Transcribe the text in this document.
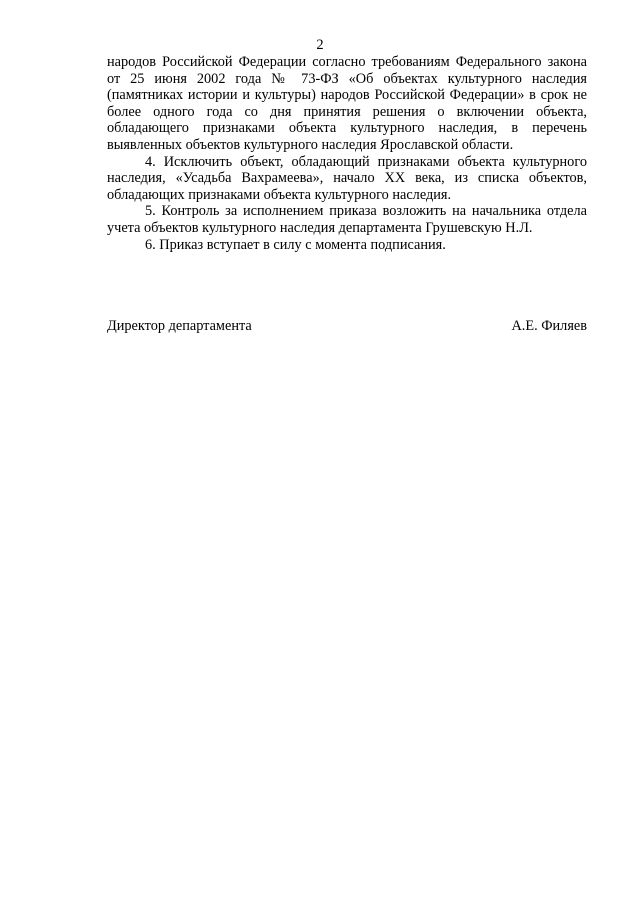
2

народов Российской Федерации согласно требованиям Федерального закона от 25 июня 2002 года № 73-ФЗ «Об объектах культурного наследия (памятниках истории и культуры) народов Российской Федерации» в срок не более одного года со дня принятия решения о включении объекта, обладающего признаками объекта культурного наследия, в перечень выявленных объектов культурного наследия Ярославской области.

4. Исключить объект, обладающий признаками объекта культурного наследия, «Усадьба Вахрамеева», начало XX века, из списка объектов, обладающих признаками объекта культурного наследия.

5. Контроль за исполнением приказа возложить на начальника отдела учета объектов культурного наследия департамента Грушевскую Н.Л.

6. Приказ вступает в силу с момента подписания.

Директор департамента	А.Е. Филяев
